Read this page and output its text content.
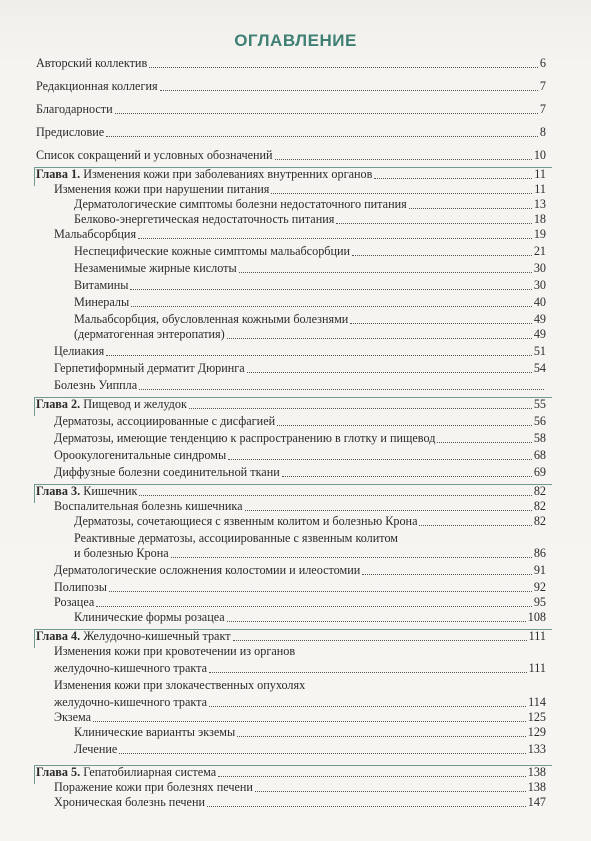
ОГЛАВЛЕНИЕ
Авторский коллектив	6
Редакционная коллегия	7
Благодарности	7
Предисловие	8
Список сокращений и условных обозначений	10
Глава 1. Изменения кожи при заболеваниях внутренних органов	11
Изменения кожи при нарушении питания	11
Дерматологические симптомы болезни недостаточного питания	13
Белково-энергетическая недостаточность питания	18
Мальабсорбция	19
Неспецифические кожные симптомы мальабсорбции	21
Незаменимые жирные кислоты	30
Витамины	30
Минералы	40
Мальабсорбция, обусловленная кожными болезнями	49
(дерматогенная энтеропатия)	49
Целиакия	51
Герпетиформный дерматит Дюринга	54
Болезнь Уиппла
Глава 2. Пищевод и желудок	55
Дерматозы, ассоциированные с дисфагией	56
Дерматозы, имеющие тенденцию к распространению в глотку и пищевод	58
Ороокулогенитальные синдромы	68
Диффузные болезни соединительной ткани	69
Глава 3. Кишечник	82
Воспалительная болезнь кишечника	82
Дерматозы, сочетающиеся с язвенным колитом и болезнью Крона	82
Реактивные дерматозы, ассоциированные с язвенным колитом
и болезнью Крона	86
Дерматологические осложнения колостомии и илеостомии	91
Полипозы	92
Розацеа	95
Клинические формы розацеа	108
Глава 4. Желудочно-кишечный тракт	111
Изменения кожи при кровотечении из органов
желудочно-кишечного тракта	111
Изменения кожи при злокачественных опухолях
желудочно-кишечного тракта	114
Экзема	125
Клинические варианты экземы	129
Лечение	133
Глава 5. Гепатобилиарная система	138
Поражение кожи при болезнях печени	138
Хроническая болезнь печени	147
